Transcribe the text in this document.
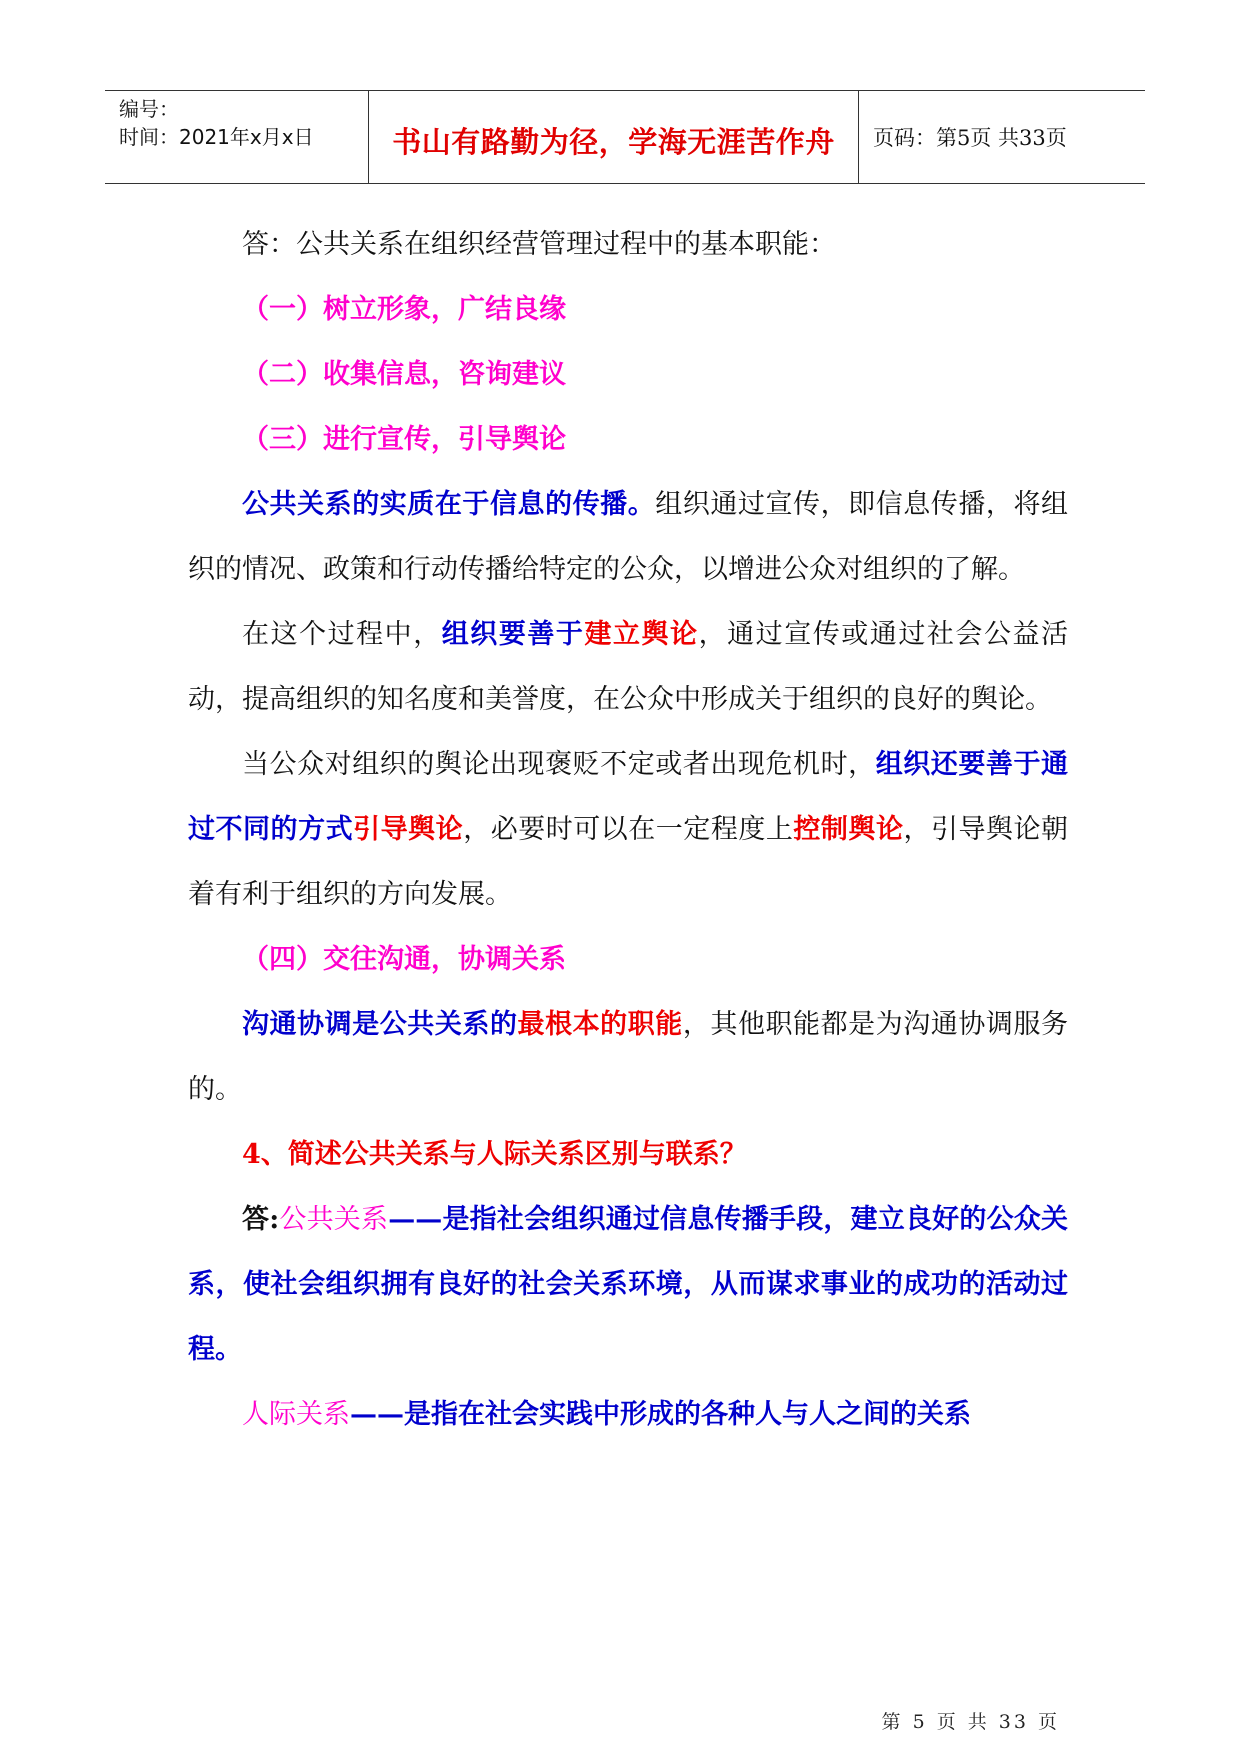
编号：
时间：2021年x月x日	书山有路勤为径，学海无涯苦作舟 页码：第5页 共33页

答：公共关系在组织经营管理过程中的基本职能：

（一）树立形象，广结良缘

（二）收集信息，咨询建议

（三）进行宣传，引导舆论

公共关系的实质在于信息的传播。组织通过宣传，即信息传播，将组织的情况、政策和行动传播给特定的公众，以增进公众对组织的了解。

在这个过程中，组织要善于建立舆论，通过宣传或通过社会公益活动，提高组织的知名度和美誉度，在公众中形成关于组织的良好的舆论。

当公众对组织的舆论出现褒贬不定或者出现危机时，组织还要善于通过不同的方式引导舆论，必要时可以在一定程度上控制舆论，引导舆论朝着有利于组织的方向发展。

（四）交往沟通，协调关系

沟通协调是公共关系的最根本的职能，其他职能都是为沟通协调服务的。

4、简述公共关系与人际关系区别与联系？

答:公共关系——是指社会组织通过信息传播手段，建立良好的公众关系，使社会组织拥有良好的社会关系环境，从而谋求事业的成功的活动过程。

人际关系——是指在社会实践中形成的各种人与人之间的关系

第 5 页 共 33 页
